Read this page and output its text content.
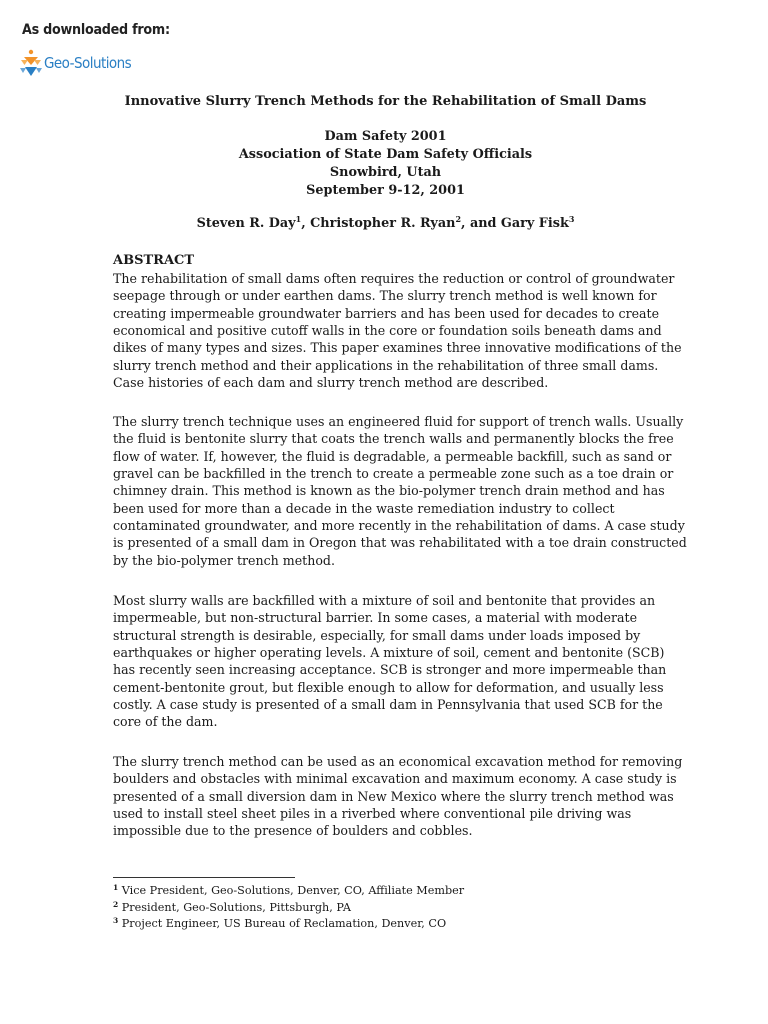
As downloaded from:
Geo-Solutions
Innovative Slurry Trench Methods for the Rehabilitation of Small Dams
Dam Safety 2001
Association of State Dam Safety Officials
Snowbird, Utah
September 9-12, 2001
Steven R. Day$^1$, Christopher R. Ryan$^2$, and Gary Fisk$^3$
ABSTRACT
The rehabilitation of small dams often requires the reduction or control of groundwater
seepage through or under earthen dams. The slurry trench method is well known for
creating impermeable groundwater barriers and has been used for decades to create
economical and positive cutoff walls in the core or foundation soils beneath dams and
dikes of many types and sizes. This paper examines three innovative modifications of the
slurry trench method and their applications in the rehabilitation of three small dams.
Case histories of each dam and slurry trench method are described.
The slurry trench technique uses an engineered fluid for support of trench walls. Usually
the fluid is bentonite slurry that coats the trench walls and permanently blocks the free
flow of water. If, however, the fluid is degradable, a permeable backfill, such as sand or
gravel can be backfilled in the trench to create a permeable zone such as a toe drain or
chimney drain. This method is known as the bio-polymer trench drain method and has
been used for more than a decade in the waste remediation industry to collect
contaminated groundwater, and more recently in the rehabilitation of dams. A case study
is presented of a small dam in Oregon that was rehabilitated with a toe drain constructed
by the bio-polymer trench method.
Most slurry walls are backfilled with a mixture of soil and bentonite that provides an
impermeable, but non-structural barrier. In some cases, a material with moderate
structural strength is desirable, especially, for small dams under loads imposed by
earthquakes or higher operating levels. A mixture of soil, cement and bentonite (SCB)
has recently seen increasing acceptance. SCB is stronger and more impermeable than
cement-bentonite grout, but flexible enough to allow for deformation, and usually less
costly. A case study is presented of a small dam in Pennsylvania that used SCB for the
core of the dam.
The slurry trench method can be used as an economical excavation method for removing
boulders and obstacles with minimal excavation and maximum economy. A case study is
presented of a small diversion dam in New Mexico where the slurry trench method was
used to install steel sheet piles in a riverbed where conventional pile driving was
impossible due to the presence of boulders and cobbles.
$^1$ Vice President, Geo-Solutions, Denver, CO, Affiliate Member
$^2$ President, Geo-Solutions, Pittsburgh, PA
$^3$ Project Engineer, US Bureau of Reclamation, Denver, CO
